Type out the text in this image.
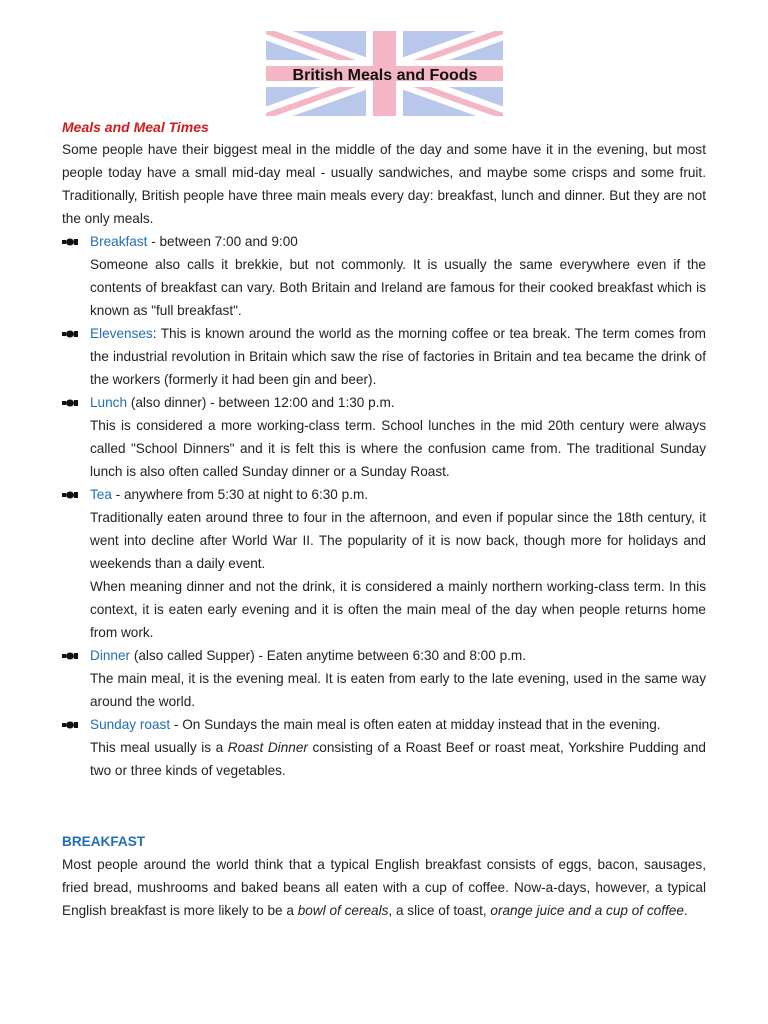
British Meals and Foods
Meals and Meal Times

Some people have their biggest meal in the middle of the day and some have it in the evening, but most people today have a small mid-day meal - usually sandwiches, and maybe some crisps and some fruit. Traditionally, British people have three main meals every day: breakfast, lunch and dinner. But they are not the only meals.

Breakfast - between 7:00 and 9:00

Someone also calls it brekkie, but not commonly. It is usually the same everywhere even if the contents of breakfast can vary. Both Britain and Ireland are famous for their cooked breakfast which is known as "full breakfast".

Elevenses: This is known around the world as the morning coffee or tea break. The term comes from the industrial revolution in Britain which saw the rise of factories in Britain and tea became the drink of the workers (formerly it had been gin and beer).

Lunch (also dinner) - between 12:00 and 1:30 p.m.

This is considered a more working-class term. School lunches in the mid 20th century were always called "School Dinners" and it is felt this is where the confusion came from. The traditional Sunday lunch is also often called Sunday dinner or a Sunday Roast.

Tea - anywhere from 5:30 at night to 6:30 p.m.

Traditionally eaten around three to four in the afternoon, and even if popular since the 18th century, it went into decline after World War II. The popularity of it is now back, though more for holidays and weekends than a daily event.

When meaning dinner and not the drink, it is considered a mainly northern working-class term. In this context, it is eaten early evening and it is often the main meal of the day when people returns home from work.

Dinner (also called Supper) - Eaten anytime between 6:30 and 8:00 p.m.

The main meal, it is the evening meal. It is eaten from early to the late evening, used in the same way around the world.

Sunday roast - On Sundays the main meal is often eaten at midday instead that in the evening.

This meal usually is a Roast Dinner consisting of a Roast Beef or roast meat, Yorkshire Pudding and two or three kinds of vegetables.

BREAKFAST

Most people around the world think that a typical English breakfast consists of eggs, bacon, sausages, fried bread, mushrooms and baked beans all eaten with a cup of coffee. Now-a-days, however, a typical English breakfast is more likely to be a bowl of cereals, a slice of toast, orange juice and a cup of coffee.
